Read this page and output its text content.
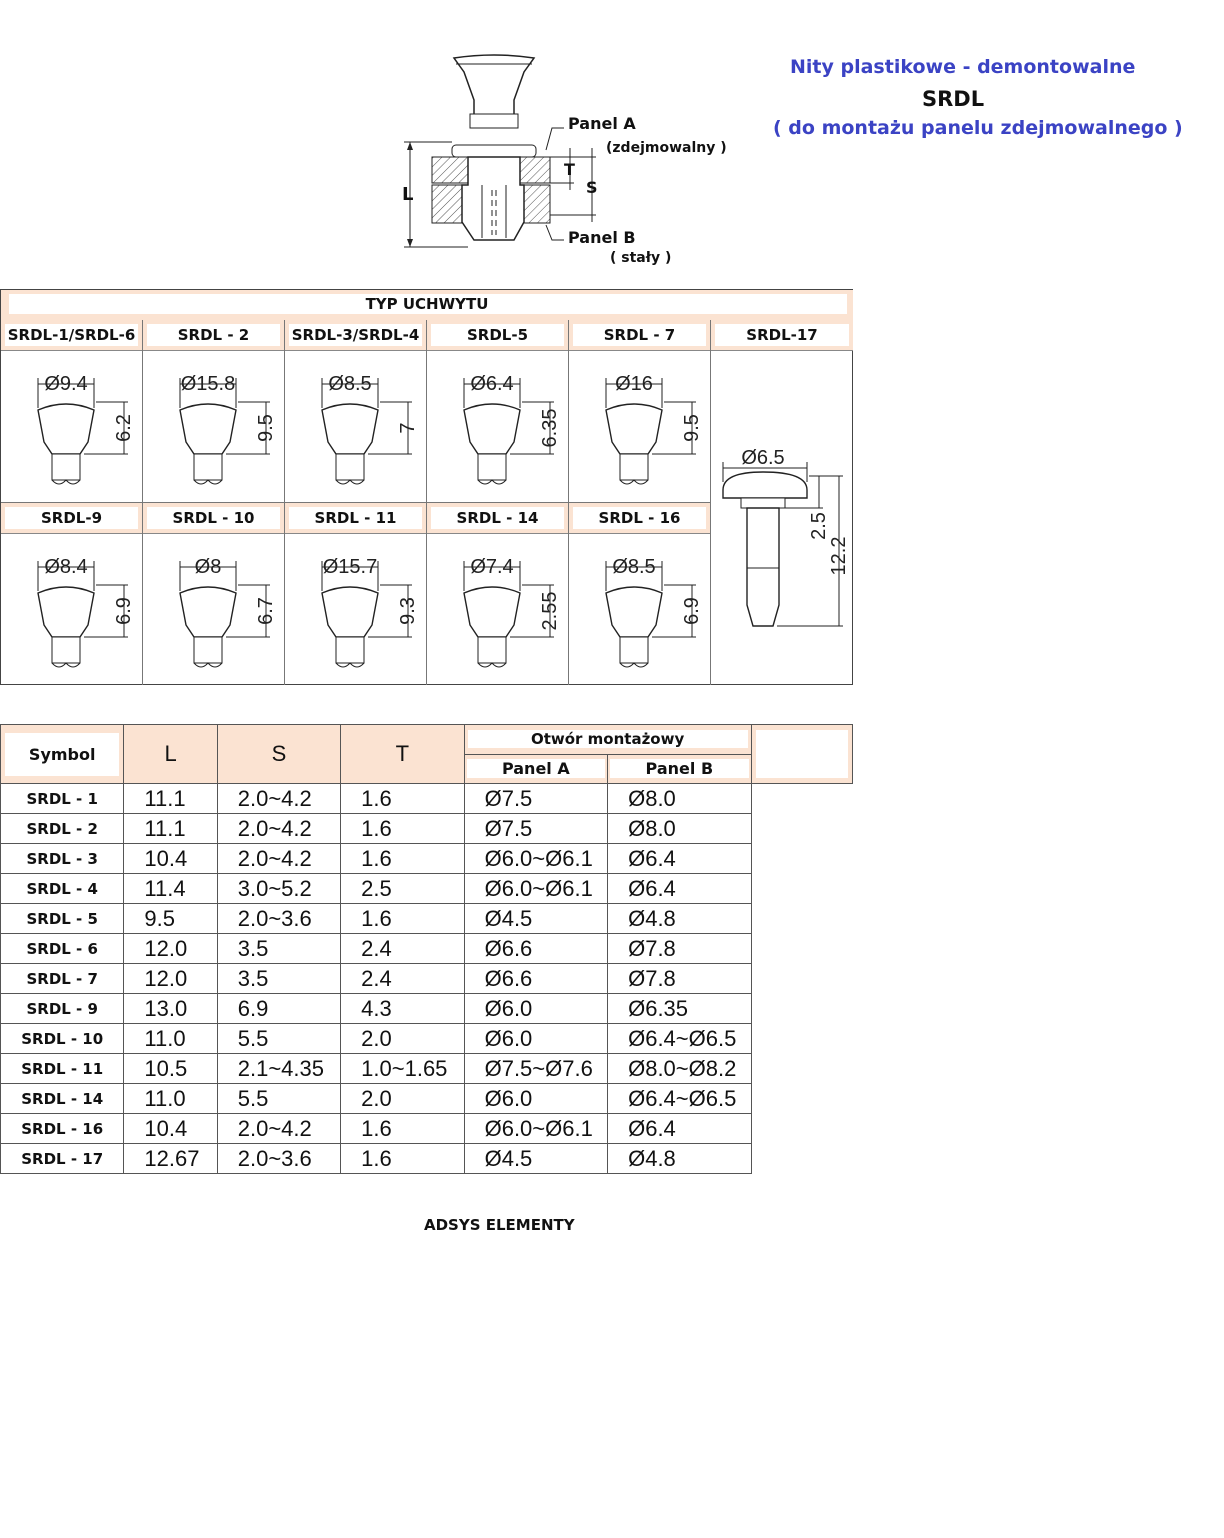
Nity plastikowe - demontowalne
SRDL
( do montażu panelu zdejmowalnego )
L
T
S
Panel A
(zdejmowalny )
Panel B
( stały )
TYP UCHWYTU
SRDL-17
Ø6.5
2.5
12.2
SRDL-1/SRDL-6
Ø9.4
6.2
SRDL - 2
Ø15.8
9.5
SRDL-3/SRDL-4
Ø8.5
7
SRDL-5
Ø6.4
6.35
SRDL - 7
Ø16
9.5
SRDL-9
Ø8.4
6.9
SRDL - 10
Ø8
6.7
SRDL - 11
Ø15.7
9.3
SRDL - 14
Ø7.4
2.55
SRDL - 16
Ø8.5
6.9
Symbol	L	S	T	Otwór montażowy		

				Panel A	Panel B	

SRDL - 1	11.1	2.0~4.2	1.6	Ø7.5	Ø8.0	
SRDL - 2	11.1	2.0~4.2	1.6	Ø7.5	Ø8.0	
SRDL - 3	10.4	2.0~4.2	1.6	Ø6.0~Ø6.1	Ø6.4	
SRDL - 4	11.4	3.0~5.2	2.5	Ø6.0~Ø6.1	Ø6.4	
SRDL - 5	9.5	2.0~3.6	1.6	Ø4.5	Ø4.8	
SRDL - 6	12.0	3.5	2.4	Ø6.6	Ø7.8	
SRDL - 7	12.0	3.5	2.4	Ø6.6	Ø7.8	
SRDL - 9	13.0	6.9	4.3	Ø6.0	Ø6.35	
SRDL - 10	11.0	5.5	2.0	Ø6.0	Ø6.4~Ø6.5	
SRDL - 11	10.5	2.1~4.35	1.0~1.65	Ø7.5~Ø7.6	Ø8.0~Ø8.2	
SRDL - 14	11.0	5.5	2.0	Ø6.0	Ø6.4~Ø6.5	
SRDL - 16	10.4	2.0~4.2	1.6	Ø6.0~Ø6.1	Ø6.4	
SRDL - 17	12.67	2.0~3.6	1.6	Ø4.5	Ø4.8	
ADSYS ELEMENTY
